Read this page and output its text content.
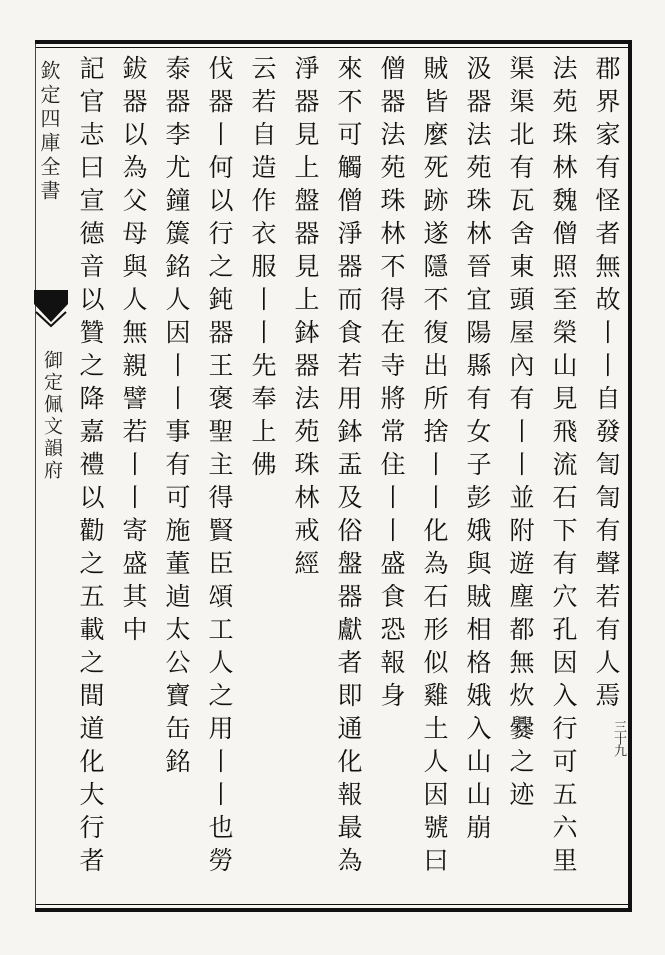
欽定四庫全書
御定佩文韻府
三十九
郡界家有怪者無故丨丨自發訇訇有聲若有人焉
法苑珠林魏僧照至榮山見飛流石下有穴孔因入行可五六里
渠渠北有瓦舍東頭屋內有丨丨並附遊塵都無炊爨之迹
汲器法苑珠林晉宜陽縣有女子彭娥與賊相格娥入山山崩
賊皆麼死跡遂隱不復出所捨丨丨化為石形似雞土人因號曰
僧器法苑珠林不得在寺將常住丨丨盛食恐報身
來不可觸僧淨器而食若用鉢盂及俗盤器獻者即通化報最為
淨器見上盤器見上鉢器法苑珠林戒經
云若自造作衣服丨丨先奉上佛
伐器丨何以行之鈍器王褒聖主得賢臣頌工人之用丨丨也勞
泰器李尤鐘簴銘人因丨丨事有可施董逌太公寶缶銘
鈸器以為父母與人無親譬若丨丨寄盛其中
記官志曰宣德音以贊之降嘉禮以勸之五載之間道化大行者
